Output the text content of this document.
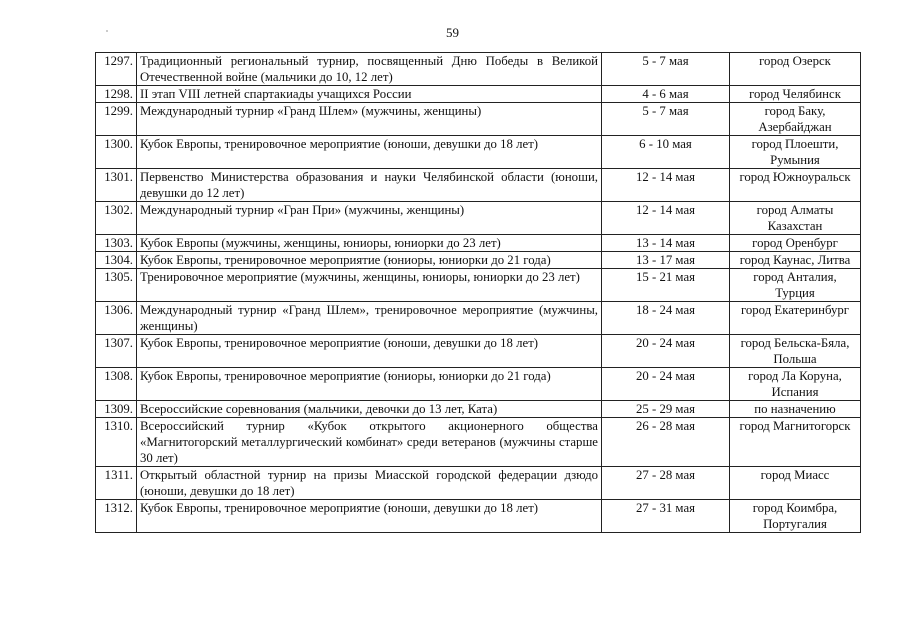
59
1297.	Традиционный региональный турнир, посвященный Дню Победы в Великой Отечественной войне (мальчики до 10, 12 лет)	5 - 7 мая	город Озерск
1298.	II этап VIII летней спартакиады учащихся России	4 - 6 мая	город Челябинск
1299.	Международный турнир «Гранд Шлем» (мужчины, женщины)	5 - 7 мая	город Баку, Азербайджан
1300.	Кубок Европы, тренировочное мероприятие (юноши, девушки до 18 лет)	6 - 10 мая	город Плоешти, Румыния
1301.	Первенство Министерства образования и науки Челябинской области (юноши, девушки до 12 лет)	12 - 14 мая	город Южноуральск
1302.	Международный турнир «Гран При» (мужчины, женщины)	12 - 14 мая	город Алматы Казахстан
1303.	Кубок Европы (мужчины, женщины, юниоры, юниорки до 23 лет)	13 - 14 мая	город Оренбург
1304.	Кубок Европы, тренировочное мероприятие (юниоры, юниорки до 21 года)	13 - 17 мая	город Каунас, Литва
1305.	Тренировочное мероприятие (мужчины, женщины, юниоры, юниорки до 23 лет)	15 - 21 мая	город Анталия, Турция
1306.	Международный турнир «Гранд Шлем», тренировочное мероприятие (мужчины, женщины)	18 - 24 мая	город Екатеринбург
1307.	Кубок Европы, тренировочное мероприятие (юноши, девушки до 18 лет)	20 - 24 мая	город Бельска-Бяла, Польша
1308.	Кубок Европы, тренировочное мероприятие (юниоры, юниорки до 21 года)	20 - 24 мая	город Ла Корунa, Испания
1309.	Всероссийские соревнования (мальчики, девочки до 13 лет, Ката)	25 - 29 мая	по назначению
1310.	Всероссийский турнир «Кубок открытого акционерного общества «Магнитогорский металлургический комбинат» среди ветеранов (мужчины старше 30 лет)	26 - 28 мая	город Магнитогорск
1311.	Открытый областной турнир на призы Миасской городской федерации дзюдо (юноши, девушки до 18 лет)	27 - 28 мая	город Миасс
1312.	Кубок Европы, тренировочное мероприятие (юноши, девушки до 18 лет)	27 - 31 мая	город Коимбра, Португалия
